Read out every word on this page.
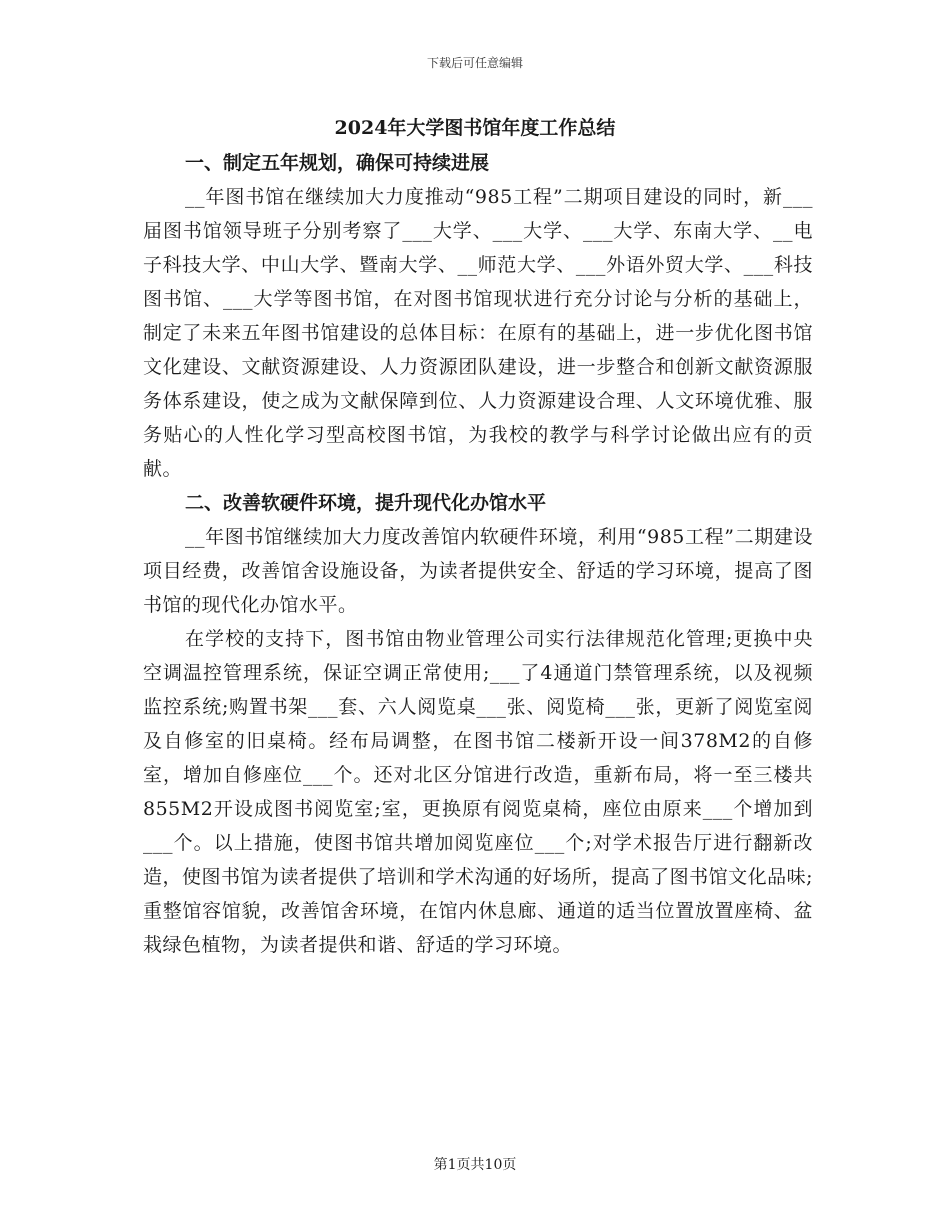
下载后可任意编辑
2024年大学图书馆年度工作总结
一、制定五年规划，确保可持续进展

__年图书馆在继续加大力度推动“985工程”二期项目建设的同时，新___届图书馆领导班子分别考察了___大学、___大学、___大学、东南大学、__电子科技大学、中山大学、暨南大学、__师范大学、___外语外贸大学、___科技图书馆、___大学等图书馆，在对图书馆现状进行充分讨论与分析的基础上，制定了未来五年图书馆建设的总体目标：在原有的基础上，进一步优化图书馆文化建设、文献资源建设、人力资源团队建设，进一步整合和创新文献资源服务体系建设，使之成为文献保障到位、人力资源建设合理、人文环境优雅、服务贴心的人性化学习型高校图书馆，为我校的教学与科学讨论做出应有的贡献。

二、改善软硬件环境，提升现代化办馆水平

__年图书馆继续加大力度改善馆内软硬件环境，利用“985工程”二期建设项目经费，改善馆舍设施设备，为读者提供安全、舒适的学习环境，提高了图书馆的现代化办馆水平。

在学校的支持下，图书馆由物业管理公司实行法律规范化管理;更换中央空调温控管理系统，保证空调正常使用;___了4通道门禁管理系统，以及视频监控系统;购置书架___套、六人阅览桌___张、阅览椅___张，更新了阅览室阅及自修室的旧桌椅。经布局调整，在图书馆二楼新开设一间378M2的自修室，增加自修座位___个。还对北区分馆进行改造，重新布局，将一至三楼共855M2开设成图书阅览室;室，更换原有阅览桌椅，座位由原来___个增加到___个。以上措施，使图书馆共增加阅览座位___个;对学术报告厅进行翻新改造，使图书馆为读者提供了培训和学术沟通的好场所，提高了图书馆文化品味;重整馆容馆貌，改善馆舍环境，在馆内休息廊、通道的适当位置放置座椅、盆栽绿色植物，为读者提供和谐、舒适的学习环境。

第1页共10页
